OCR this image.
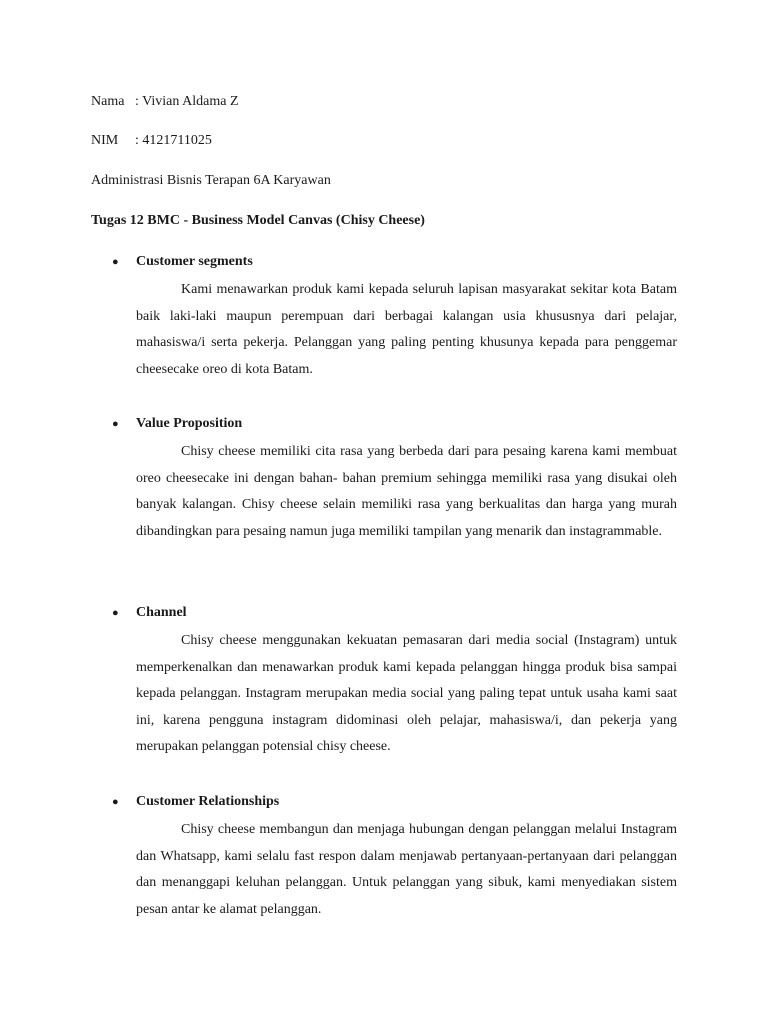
Nama : Vivian Aldama Z
NIM : 4121711025
Administrasi Bisnis Terapan 6A Karyawan
Tugas 12 BMC - Business Model Canvas (Chisy Cheese)
● Customer segments

Kami menawarkan produk kami kepada seluruh lapisan masyarakat sekitar kota Batam baik laki-laki maupun perempuan dari berbagai kalangan usia khususnya dari pelajar, mahasiswa/i serta pekerja. Pelanggan yang paling penting khusunya kepada para penggemar cheesecake oreo di kota Batam.

● Value Proposition

Chisy cheese memiliki cita rasa yang berbeda dari para pesaing karena kami membuat oreo cheesecake ini dengan bahan- bahan premium sehingga memiliki rasa yang disukai oleh banyak kalangan. Chisy cheese selain memiliki rasa yang berkualitas dan harga yang murah dibandingkan para pesaing namun juga memiliki tampilan yang menarik dan instagrammable.

● Channel

Chisy cheese menggunakan kekuatan pemasaran dari media social (Instagram) untuk memperkenalkan dan menawarkan produk kami kepada pelanggan hingga produk bisa sampai kepada pelanggan. Instagram merupakan media social yang paling tepat untuk usaha kami saat ini, karena pengguna instagram didominasi oleh pelajar, mahasiswa/i, dan pekerja yang merupakan pelanggan potensial chisy cheese.

● Customer Relationships

Chisy cheese membangun dan menjaga hubungan dengan pelanggan melalui Instagram dan Whatsapp, kami selalu fast respon dalam menjawab pertanyaan-pertanyaan dari pelanggan dan menanggapi keluhan pelanggan. Untuk pelanggan yang sibuk, kami menyediakan sistem pesan antar ke alamat pelanggan.
